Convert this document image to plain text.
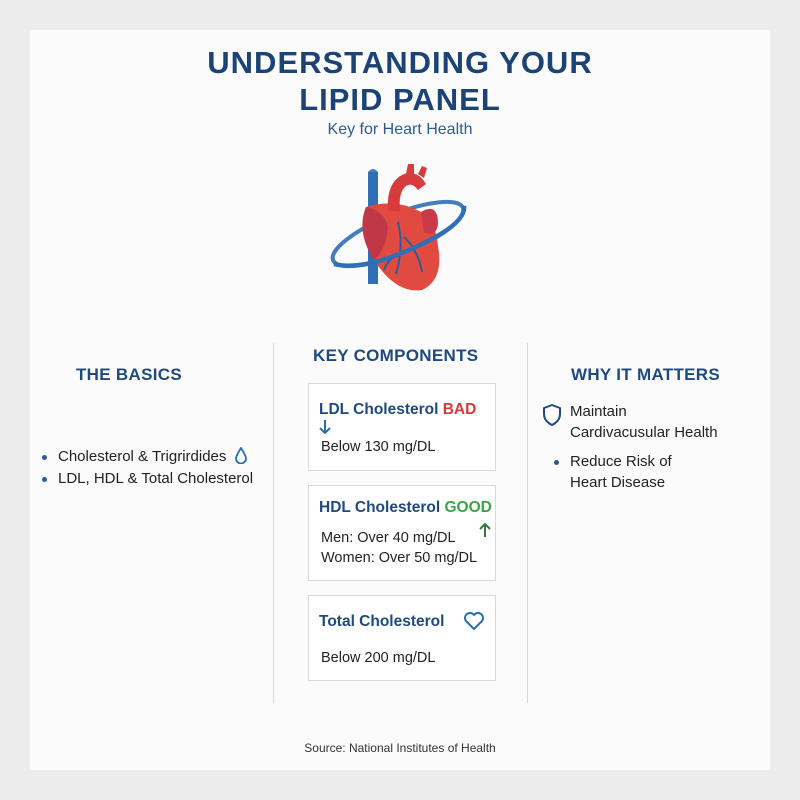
UNDERSTANDING YOUR
LIPID PANEL
Key for Heart Health
THE BASICS
Cholesterol & Trigrirdides
LDL, HDL & Total Cholesterol
KEY COMPONENTS
LDL Cholesterol BAD
Below 130 mg/DL
HDL Cholesterol GOOD
Men: Over 40 mg/DL
Women: Over 50 mg/DL
Total Cholesterol
Below 200 mg/DL
WHY IT MATTERS
Maintain
Cardivacusular Health
Reduce Risk of
Heart Disease
Source: National Institutes of Health
